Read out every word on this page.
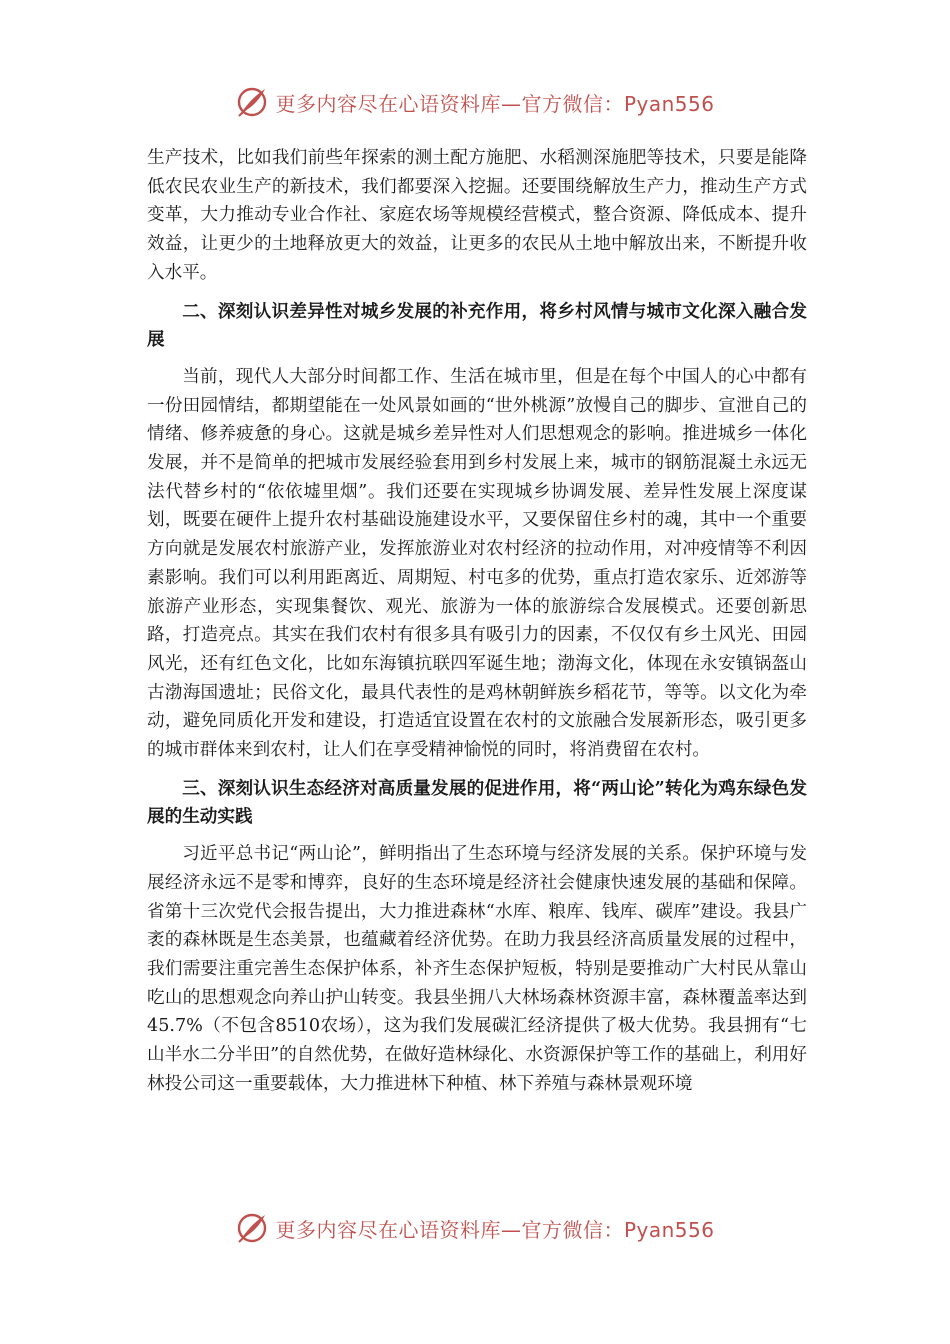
更多内容尽在心语资料库—官方微信：Pyan556

生产技术，比如我们前些年探索的测土配方施肥、水稻测深施肥等技术，只要是能降低农民农业生产的新技术，我们都要深入挖掘。还要围绕解放生产力，推动生产方式变革，大力推动专业合作社、家庭农场等规模经营模式，整合资源、降低成本、提升效益，让更少的土地释放更大的效益，让更多的农民从土地中解放出来，不断提升收入水平。

二、深刻认识差异性对城乡发展的补充作用，将乡村风情与城市文化深入融合发展

当前，现代人大部分时间都工作、生活在城市里，但是在每个中国人的心中都有一份田园情结，都期望能在一处风景如画的“世外桃源”放慢自己的脚步、宣泄自己的情绪、修养疲惫的身心。这就是城乡差异性对人们思想观念的影响。推进城乡一体化发展，并不是简单的把城市发展经验套用到乡村发展上来，城市的钢筋混凝土永远无法代替乡村的“依依墟里烟”。我们还要在实现城乡协调发展、差异性发展上深度谋划，既要在硬件上提升农村基础设施建设水平，又要保留住乡村的魂，其中一个重要方向就是发展农村旅游产业，发挥旅游业对农村经济的拉动作用，对冲疫情等不利因素影响。我们可以利用距离近、周期短、村屯多的优势，重点打造农家乐、近郊游等旅游产业形态，实现集餐饮、观光、旅游为一体的旅游综合发展模式。还要创新思路，打造亮点。其实在我们农村有很多具有吸引力的因素，不仅仅有乡土风光、田园风光，还有红色文化，比如东海镇抗联四军诞生地；渤海文化，体现在永安镇锅盔山古渤海国遗址；民俗文化，最具代表性的是鸡林朝鲜族乡稻花节，等等。以文化为牵动，避免同质化开发和建设，打造适宜设置在农村的文旅融合发展新形态，吸引更多的城市群体来到农村，让人们在享受精神愉悦的同时，将消费留在农村。

三、深刻认识生态经济对高质量发展的促进作用，将“两山论”转化为鸡东绿色发展的生动实践

习近平总书记“两山论”，鲜明指出了生态环境与经济发展的关系。保护环境与发展经济永远不是零和博弈，良好的生态环境是经济社会健康快速发展的基础和保障。省第十三次党代会报告提出，大力推进森林“水库、粮库、钱库、碳库”建设。我县广袤的森林既是生态美景，也蕴藏着经济优势。在助力我县经济高质量发展的过程中，我们需要注重完善生态保护体系，补齐生态保护短板，特别是要推动广大村民从靠山吃山的思想观念向养山护山转变。我县坐拥八大林场森林资源丰富，森林覆盖率达到45.7%（不包含8510农场），这为我们发展碳汇经济提供了极大优势。我县拥有“七山半水二分半田”的自然优势，在做好造林绿化、水资源保护等工作的基础上，利用好林投公司这一重要载体，大力推进林下种植、林下养殖与森林景观环境

更多内容尽在心语资料库—官方微信：Pyan556
